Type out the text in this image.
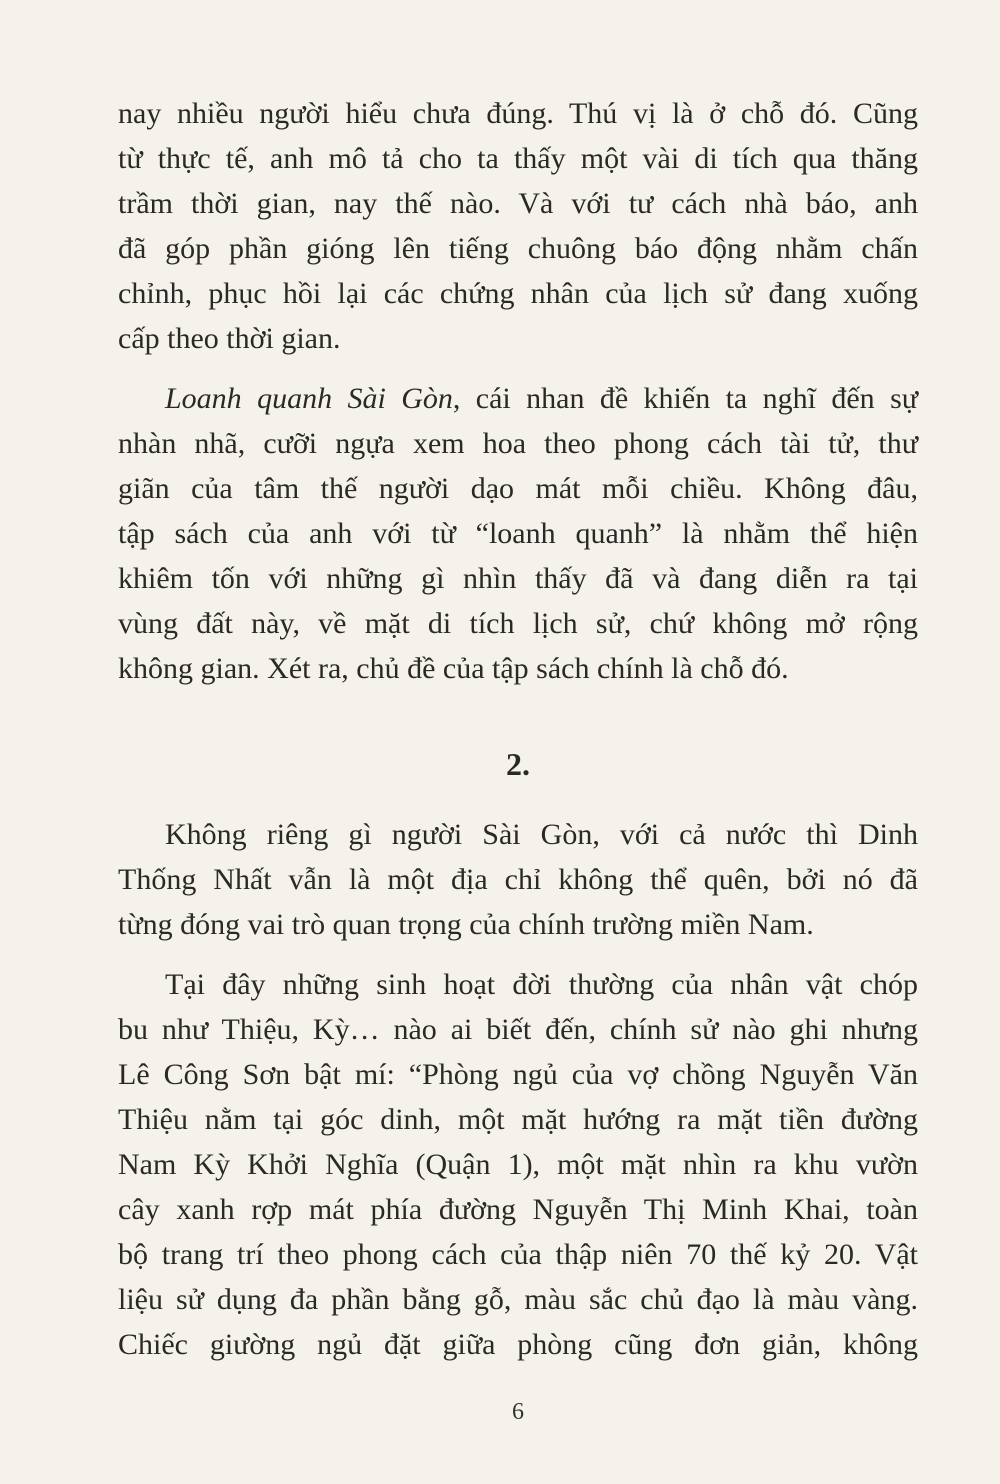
nay nhiều người hiểu chưa đúng. Thú vị là ở chỗ đó. Cũng
từ thực tế, anh mô tả cho ta thấy một vài di tích qua thăng
trầm thời gian, nay thế nào. Và với tư cách nhà báo, anh
đã góp phần gióng lên tiếng chuông báo động nhằm chấn
chỉnh, phục hồi lại các chứng nhân của lịch sử đang xuống
cấp theo thời gian.
Loanh quanh Sài Gòn, cái nhan đề khiến ta nghĩ đến sự
nhàn nhã, cưỡi ngựa xem hoa theo phong cách tài tử, thư
giãn của tâm thế người dạo mát mỗi chiều. Không đâu,
tập sách của anh với từ “loanh quanh” là nhằm thể hiện
khiêm tốn với những gì nhìn thấy đã và đang diễn ra tại
vùng đất này, về mặt di tích lịch sử, chứ không mở rộng
không gian. Xét ra, chủ đề của tập sách chính là chỗ đó.
2.
Không riêng gì người Sài Gòn, với cả nước thì Dinh
Thống Nhất vẫn là một địa chỉ không thể quên, bởi nó đã
từng đóng vai trò quan trọng của chính trường miền Nam.
Tại đây những sinh hoạt đời thường của nhân vật chóp
bu như Thiệu, Kỳ… nào ai biết đến, chính sử nào ghi nhưng
Lê Công Sơn bật mí: “Phòng ngủ của vợ chồng Nguyễn Văn
Thiệu nằm tại góc dinh, một mặt hướng ra mặt tiền đường
Nam Kỳ Khởi Nghĩa (Quận 1), một mặt nhìn ra khu vườn
cây xanh rợp mát phía đường Nguyễn Thị Minh Khai, toàn
bộ trang trí theo phong cách của thập niên 70 thế kỷ 20. Vật
liệu sử dụng đa phần bằng gỗ, màu sắc chủ đạo là màu vàng.
Chiếc giường ngủ đặt giữa phòng cũng đơn giản, không
6
